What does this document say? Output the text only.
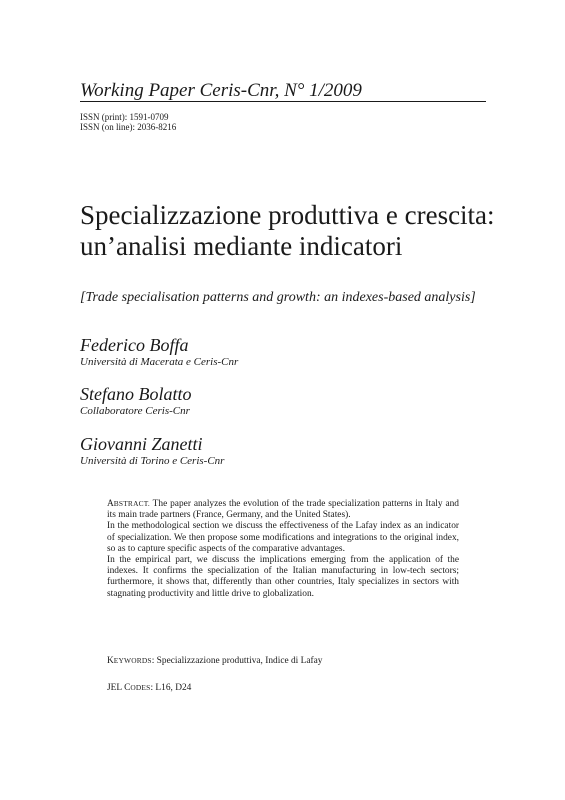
Working Paper Ceris-Cnr, N° 1/2009
ISSN (print): 1591-0709
ISSN (on line): 2036-8216
Specializzazione produttiva e crescita:
un’analisi mediante indicatori
[Trade specialisation patterns and growth: an indexes-based analysis]
Federico Boffa
Università di Macerata e Ceris-Cnr
Stefano Bolatto
Collaboratore Ceris-Cnr
Giovanni Zanetti
Università di Torino e Ceris-Cnr

ABSTRACT. The paper analyzes the evolution of the trade specialization patterns in Italy and its main trade partners (France, Germany, and the United States).

In the methodological section we discuss the effectiveness of the Lafay index as an indicator of specialization. We then propose some modifications and integrations to the original index, so as to capture specific aspects of the comparative advantages.

In the empirical part, we discuss the implications emerging from the application of the indexes. It confirms the specialization of the Italian manufacturing in low-tech sectors; furthermore, it shows that, differently than other countries, Italy specializes in sectors with stagnating productivity and little drive to globalization.

KEYWORDS: Specializzazione produttiva, Indice di Lafay
JEL CODES: L16, D24
